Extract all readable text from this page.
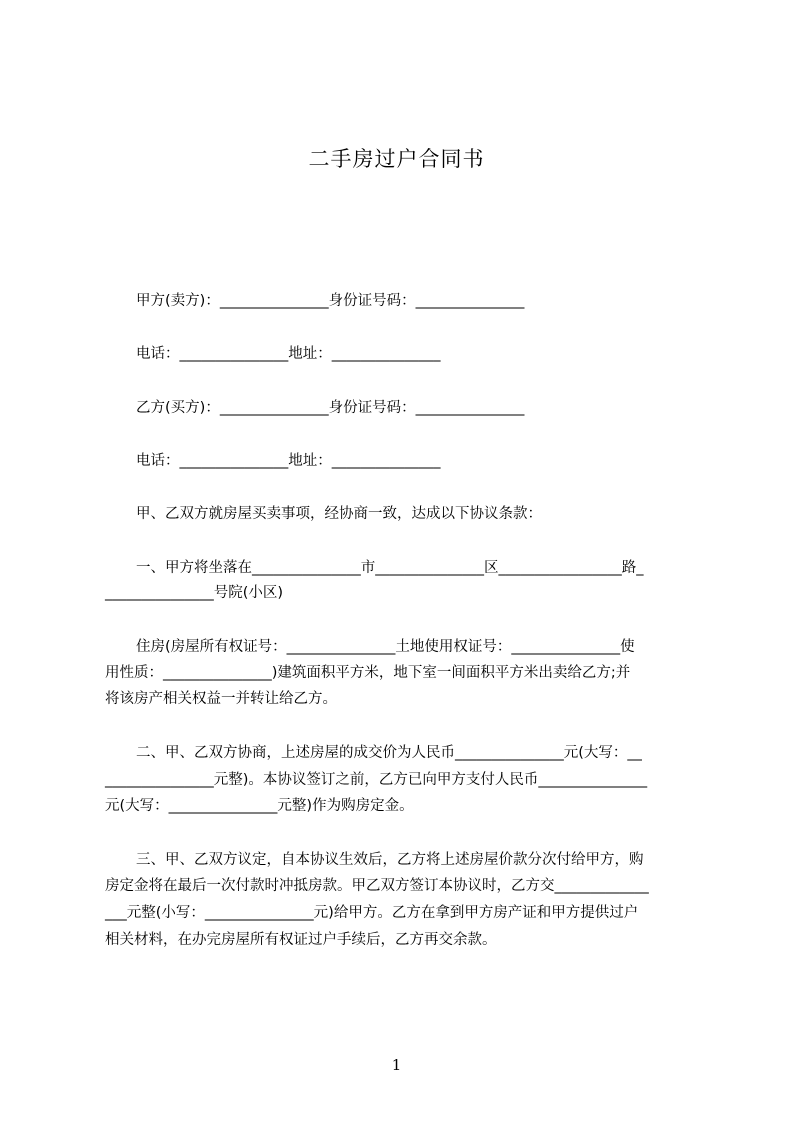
二手房过户合同书
甲方(卖方)：_______________身份证号码：_______________
电话：_______________地址：_______________
乙方(买方)：_______________身份证号码：_______________
电话：_______________地址：_______________
甲、乙双方就房屋买卖事项，经协商一致，达成以下协议条款：
一、甲方将坐落在_______________市_______________区_________________路_
_______________号院(小区)
住房(房屋所有权证号：_______________土地使用权证号：_______________使
用性质：_______________)建筑面积平方米，地下室一间面积平方米出卖给乙方;并
将该房产相关权益一并转让给乙方。
二、甲、乙双方协商，上述房屋的成交价为人民币_______________元(大写：__
_______________元整)。本协议签订之前，乙方已向甲方支付人民币_______________
元(大写：_______________元整)作为购房定金。
三、甲、乙双方议定，自本协议生效后，乙方将上述房屋价款分次付给甲方，购
房定金将在最后一次付款时冲抵房款。甲乙双方签订本协议时，乙方交_____________
___元整(小写：_______________元)给甲方。乙方在拿到甲方房产证和甲方提供过户
相关材料，在办完房屋所有权证过户手续后，乙方再交余款。
1
